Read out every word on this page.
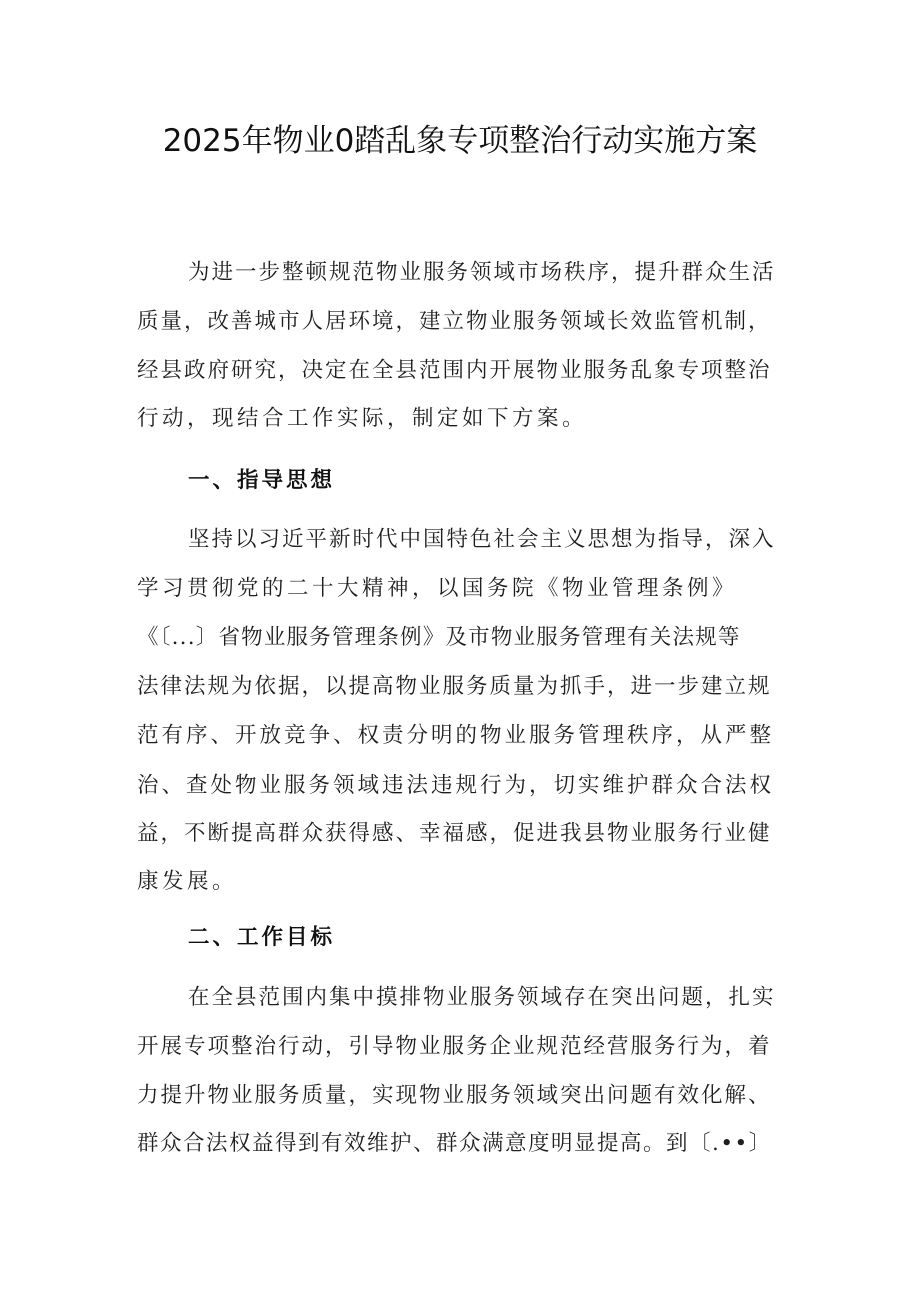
2025年物业0踏乱象专项整治行动实施方案
为进一步整顿规范物业服务领域市场秩序，提升群众生活
质量，改善城市人居环境，建立物业服务领域长效监管机制，
经县政府研究，决定在全县范围内开展物业服务乱象专项整治
行动，现结合工作实际，制定如下方案。
一、指导思想
坚持以习近平新时代中国特色社会主义思想为指导，深入
学习贯彻党的二十大精神，以国务院《物业管理条例》
《〔...〕省物业服务管理条例》及市物业服务管理有关法规等
法律法规为依据，以提高物业服务质量为抓手，进一步建立规
范有序、开放竞争、权责分明的物业服务管理秩序，从严整
治、查处物业服务领域违法违规行为，切实维护群众合法权
益，不断提高群众获得感、幸福感，促进我县物业服务行业健
康发展。
二、工作目标
在全县范围内集中摸排物业服务领域存在突出问题，扎实
开展专项整治行动，引导物业服务企业规范经营服务行为，着
力提升物业服务质量，实现物业服务领域突出问题有效化解、
群众合法权益得到有效维护、群众满意度明显提高。到〔.••〕
